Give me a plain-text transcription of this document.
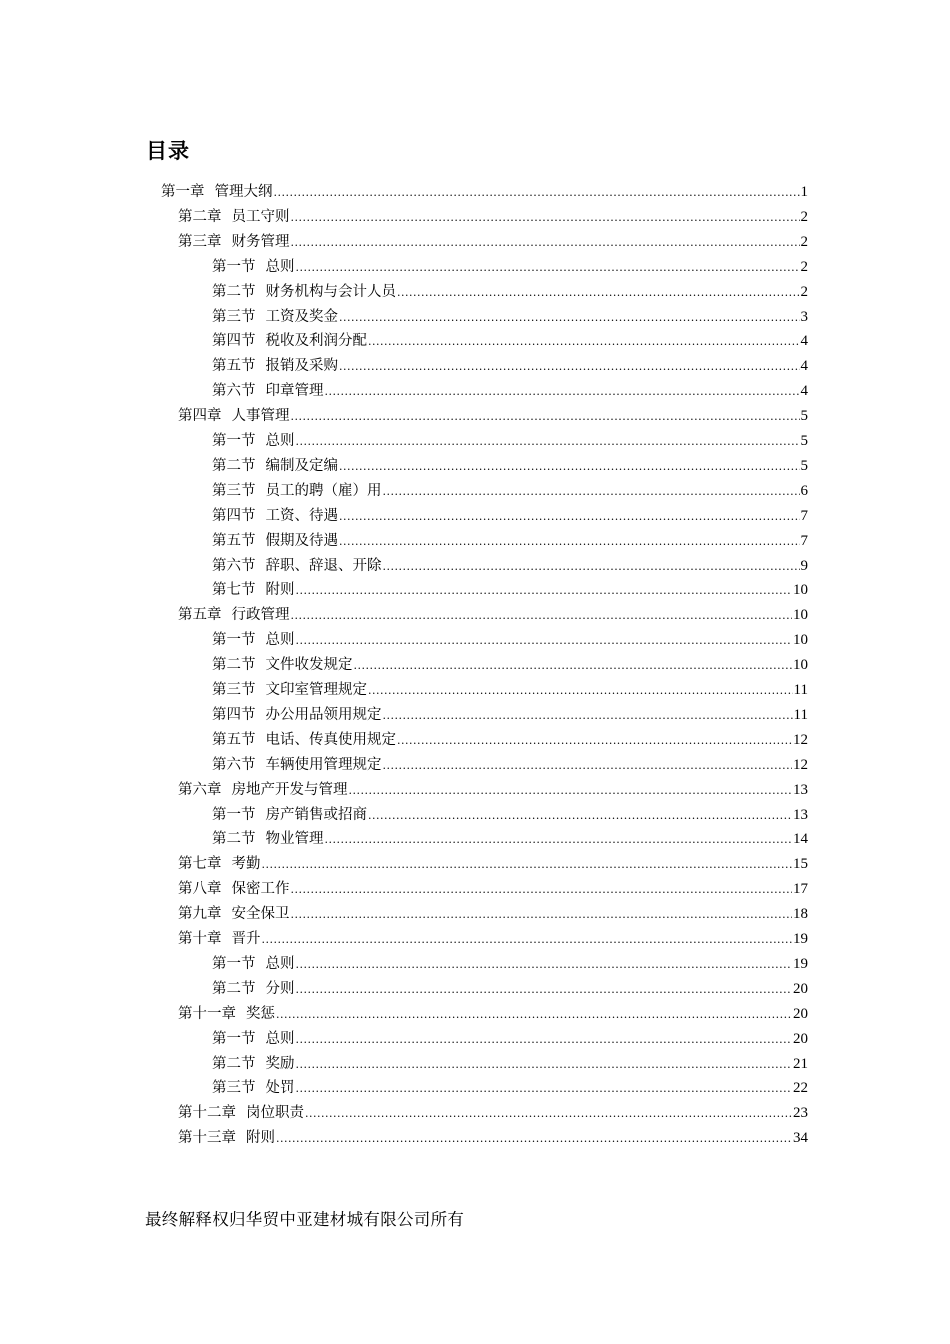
目录
第一章 管理大纲 .....	1
第二章 员工守则 .....	2
第三章 财务管理 .....	2
第一节 总则 .....	2
第二节 财务机构与会计人员 .....	2
第三节 工资及奖金 .....	3
第四节 税收及利润分配 .....	4
第五节 报销及采购 .....	4
第六节 印章管理 .....	4
第四章 人事管理 .....	5
第一节 总则 .....	5
第二节 编制及定编 .....	5
第三节 员工的聘（雇）用 .....	6
第四节 工资、待遇 .....	7
第五节 假期及待遇 .....	7
第六节 辞职、辞退、开除 .....	9
第七节 附则 .....	10
第五章 行政管理 .....	10
第一节 总则 .....	10
第二节 文件收发规定 .....	10
第三节 文印室管理规定 .....	11
第四节 办公用品领用规定 .....	11
第五节 电话、传真使用规定 .....	12
第六节 车辆使用管理规定 .....	12
第六章 房地产开发与管理 .....	13
第一节 房产销售或招商 .....	13
第二节 物业管理 .....	14
第七章 考勤 .....	15
第八章 保密工作 .....	17
第九章 安全保卫 .....	18
第十章 晋升 .....	19
第一节 总则 .....	19
第二节 分则 .....	20
第十一章 奖惩 .....	20
第一节 总则 .....	20
第二节 奖励 .....	21
第三节 处罚 .....	22
第十二章 岗位职责 .....	23
第十三章 附则 .....	34
最终解释权归华贸中亚建材城有限公司所有
